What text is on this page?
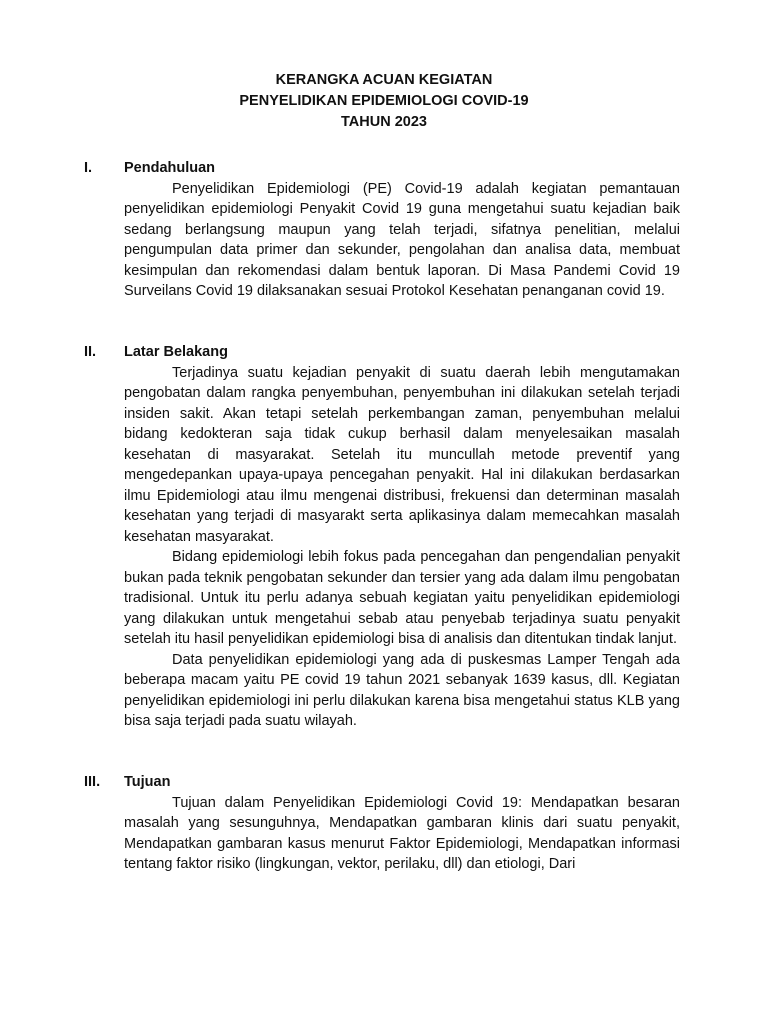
KERANGKA ACUAN KEGIATAN
PENYELIDIKAN EPIDEMIOLOGI COVID-19
TAHUN 2023
I. Pendahuluan

Penyelidikan Epidemiologi (PE) Covid-19 adalah kegiatan pemantauan penyelidikan epidemiologi Penyakit Covid 19 guna mengetahui suatu kejadian baik sedang berlangsung maupun yang telah terjadi, sifatnya penelitian, melalui pengumpulan data primer dan sekunder, pengolahan dan analisa data, membuat kesimpulan dan rekomendasi dalam bentuk laporan. Di Masa Pandemi Covid 19 Surveilans Covid 19 dilaksanakan sesuai Protokol Kesehatan penanganan covid 19.

II. Latar Belakang

Terjadinya suatu kejadian penyakit di suatu daerah lebih mengutamakan pengobatan dalam rangka penyembuhan, penyembuhan ini dilakukan setelah terjadi insiden sakit. Akan tetapi setelah perkembangan zaman, penyembuhan melalui bidang kedokteran saja tidak cukup berhasil dalam menyelesaikan masalah kesehatan di masyarakat. Setelah itu muncullah metode preventif yang mengedepankan upaya-upaya pencegahan penyakit. Hal ini dilakukan berdasarkan ilmu Epidemiologi atau ilmu mengenai distribusi, frekuensi dan determinan masalah kesehatan yang terjadi di masyarakt serta aplikasinya dalam memecahkan masalah kesehatan masyarakat.

Bidang epidemiologi lebih fokus pada pencegahan dan pengendalian penyakit bukan pada teknik pengobatan sekunder dan tersier yang ada dalam ilmu pengobatan tradisional. Untuk itu perlu adanya sebuah kegiatan yaitu penyelidikan epidemiologi yang dilakukan untuk mengetahui sebab atau penyebab terjadinya suatu penyakit setelah itu hasil penyelidikan epidemiologi bisa di analisis dan ditentukan tindak lanjut.

Data penyelidikan epidemiologi yang ada di puskesmas Lamper Tengah ada beberapa macam yaitu PE covid 19 tahun 2021 sebanyak 1639 kasus, dll. Kegiatan penyelidikan epidemiologi ini perlu dilakukan karena bisa mengetahui status KLB yang bisa saja terjadi pada suatu wilayah.

III. Tujuan

Tujuan dalam Penyelidikan Epidemiologi Covid 19: Mendapatkan besaran masalah yang sesunguhnya, Mendapatkan gambaran klinis dari suatu penyakit, Mendapatkan gambaran kasus menurut Faktor Epidemiologi, Mendapatkan informasi tentang faktor risiko (lingkungan, vektor, perilaku, dll) dan etiologi, Dari
